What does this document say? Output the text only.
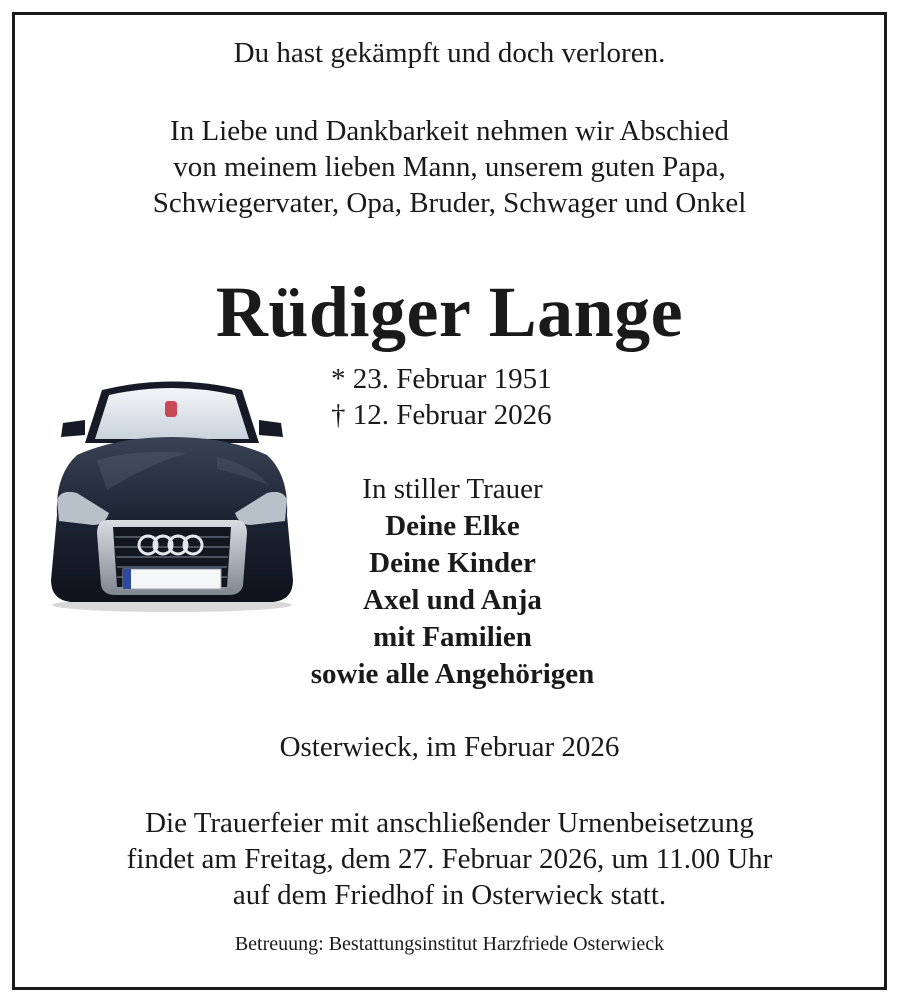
Du hast gekämpft und doch verloren.
In Liebe und Dankbarkeit nehmen wir Abschied
von meinem lieben Mann, unserem guten Papa,
Schwiegervater, Opa, Bruder, Schwager und Onkel
Rüdiger Lange
* 23. Februar 1951
† 12. Februar 2026
In stiller Trauer
Deine Elke
Deine Kinder
Axel und Anja
mit Familien
sowie alle Angehörigen
Osterwieck, im Februar 2026
Die Trauerfeier mit anschließender Urnenbeisetzung
findet am Freitag, dem 27. Februar 2026, um 11.00 Uhr
auf dem Friedhof in Osterwieck statt.
Betreuung: Bestattungsinstitut Harzfriede Osterwieck
